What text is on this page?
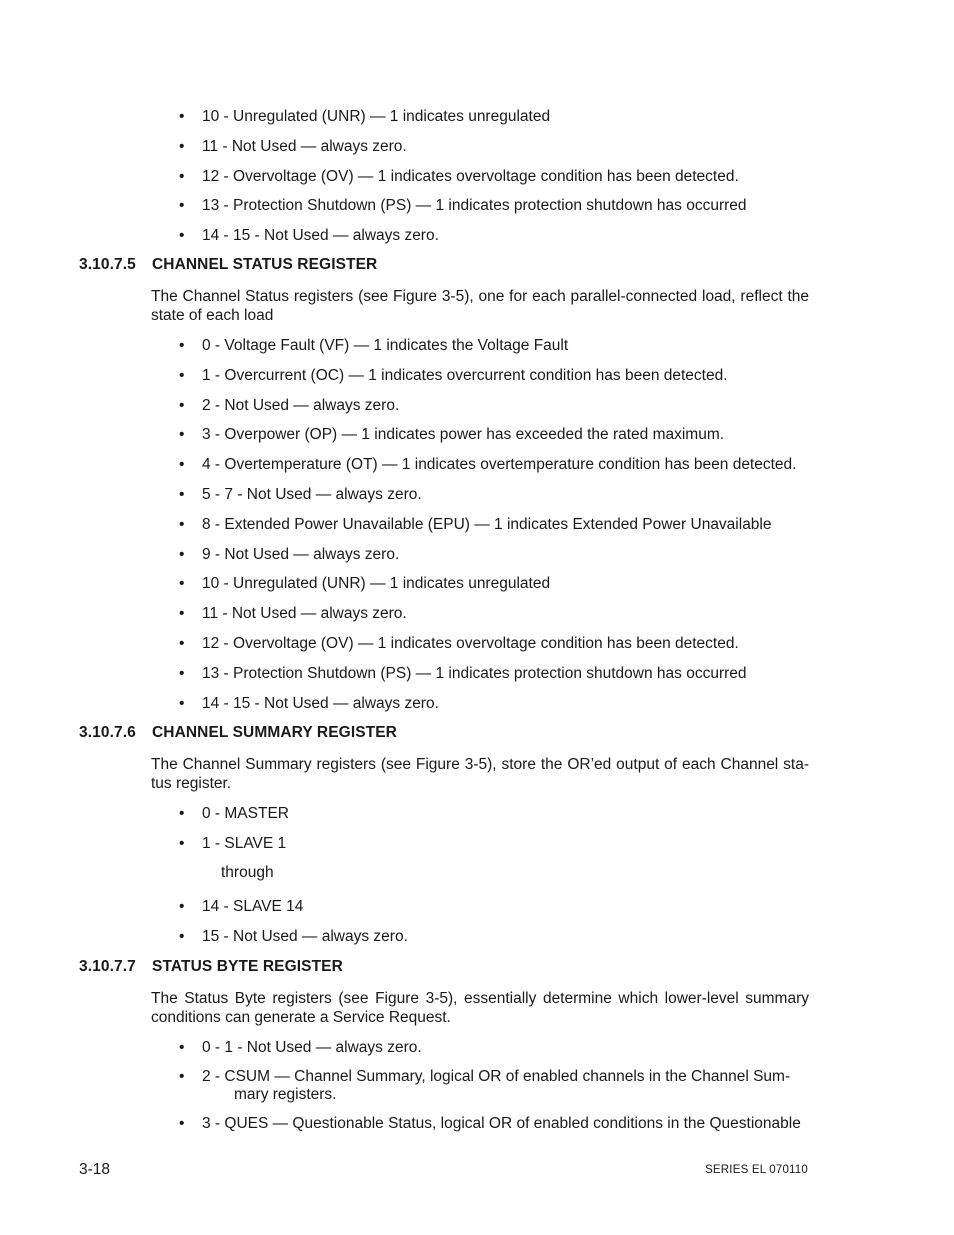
• 10 - Unregulated (UNR) — 1 indicates unregulated
• 11 - Not Used — always zero.
• 12 - Overvoltage (OV) — 1 indicates overvoltage condition has been detected.
• 13 - Protection Shutdown (PS) — 1 indicates protection shutdown has occurred
• 14 - 15 - Not Used — always zero.
3.10.7.5 CHANNEL STATUS REGISTER

The Channel Status registers (see Figure 3-5), one for each parallel-connected load, reflect the state of each load

• 0 - Voltage Fault (VF) — 1 indicates the Voltage Fault
• 1 - Overcurrent (OC) — 1 indicates overcurrent condition has been detected.
• 2 - Not Used — always zero.
• 3 - Overpower (OP) — 1 indicates power has exceeded the rated maximum.
• 4 - Overtemperature (OT) — 1 indicates overtemperature condition has been detected.
• 5 - 7 - Not Used — always zero.
• 8 - Extended Power Unavailable (EPU) — 1 indicates Extended Power Unavailable
• 9 - Not Used — always zero.
• 10 - Unregulated (UNR) — 1 indicates unregulated
• 11 - Not Used — always zero.
• 12 - Overvoltage (OV) — 1 indicates overvoltage condition has been detected.
• 13 - Protection Shutdown (PS) — 1 indicates protection shutdown has occurred
• 14 - 15 - Not Used — always zero.
3.10.7.6 CHANNEL SUMMARY REGISTER

The Channel Summary registers (see Figure 3-5), store the OR’ed output of each Channel sta-tus register.

• 0 - MASTER
• 1 - SLAVE 1
through
• 14 - SLAVE 14
• 15 - Not Used — always zero.
3.10.7.7 STATUS BYTE REGISTER

The Status Byte registers (see Figure 3-5), essentially determine which lower-level summary conditions can generate a Service Request.

• 0 - 1 - Not Used — always zero.
• 2 - CSUM — Channel Summary, logical OR of enabled channels in the Channel Sum-
mary registers.
• 3 - QUES — Questionable Status, logical OR of enabled conditions in the Questionable
3-18	SERIES EL 070110
